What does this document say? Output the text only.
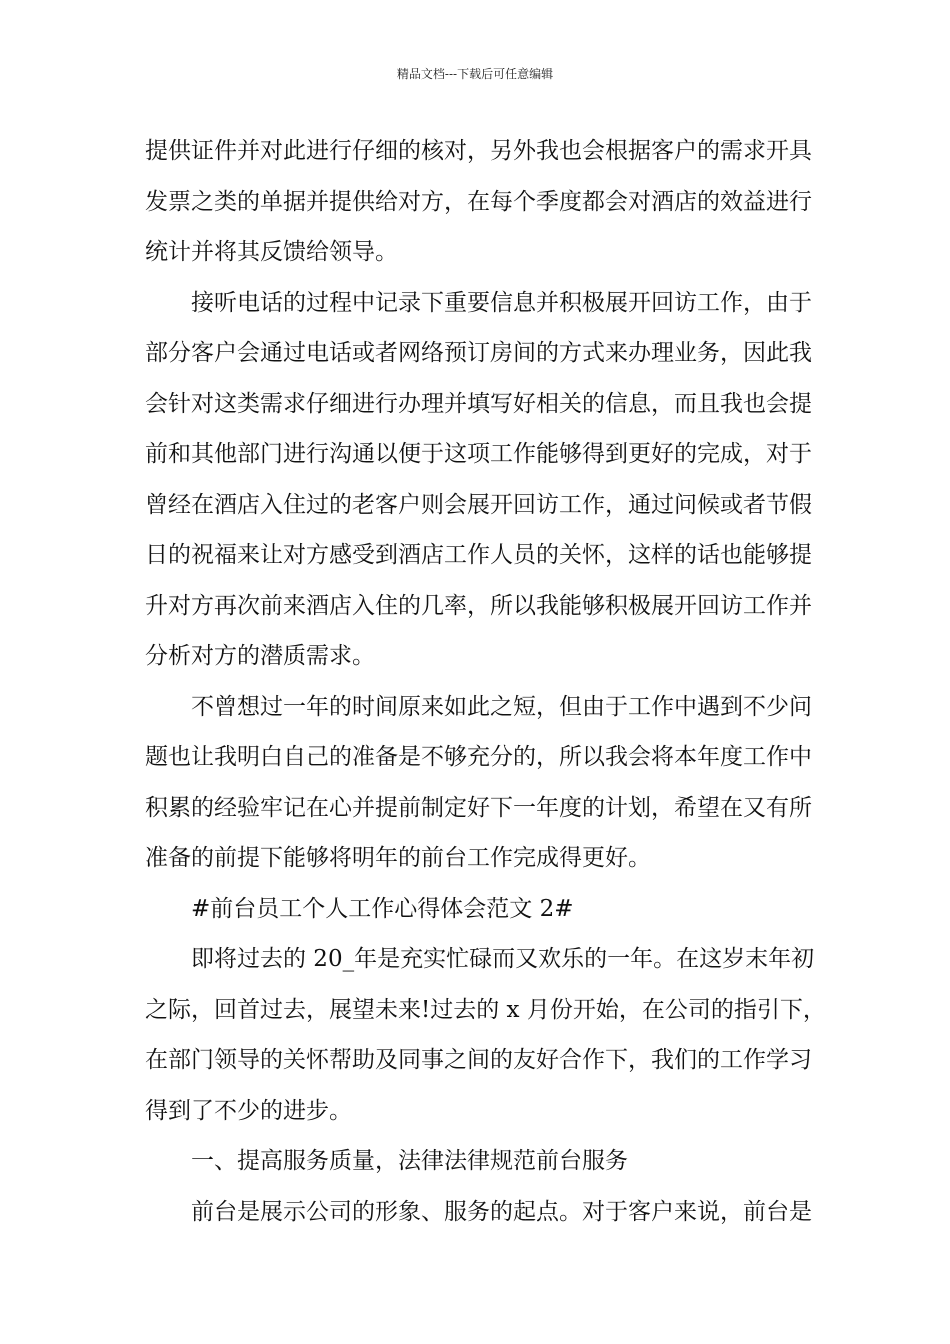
精品文档---下载后可任意编辑

提供证件并对此进行仔细的核对，另外我也会根据客户的需求开具
发票之类的单据并提供给对方，在每个季度都会对酒店的效益进行
统计并将其反馈给领导。

接听电话的过程中记录下重要信息并积极展开回访工作，由于
部分客户会通过电话或者网络预订房间的方式来办理业务，因此我
会针对这类需求仔细进行办理并填写好相关的信息，而且我也会提
前和其他部门进行沟通以便于这项工作能够得到更好的完成，对于
曾经在酒店入住过的老客户则会展开回访工作，通过问候或者节假
日的祝福来让对方感受到酒店工作人员的关怀，这样的话也能够提
升对方再次前来酒店入住的几率，所以我能够积极展开回访工作并
分析对方的潜质需求。

不曾想过一年的时间原来如此之短，但由于工作中遇到不少问
题也让我明白自己的准备是不够充分的，所以我会将本年度工作中
积累的经验牢记在心并提前制定好下一年度的计划，希望在又有所
准备的前提下能够将明年的前台工作完成得更好。

#前台员工个人工作心得体会范文 2#

即将过去的 20_年是充实忙碌而又欢乐的一年。在这岁末年初
之际，回首过去，展望未来!过去的 x 月份开始，在公司的指引下，
在部门领导的关怀帮助及同事之间的友好合作下，我们的工作学习
得到了不少的进步。

一、提高服务质量，法律法律规范前台服务

前台是展示公司的形象、服务的起点。对于客户来说，前台是
